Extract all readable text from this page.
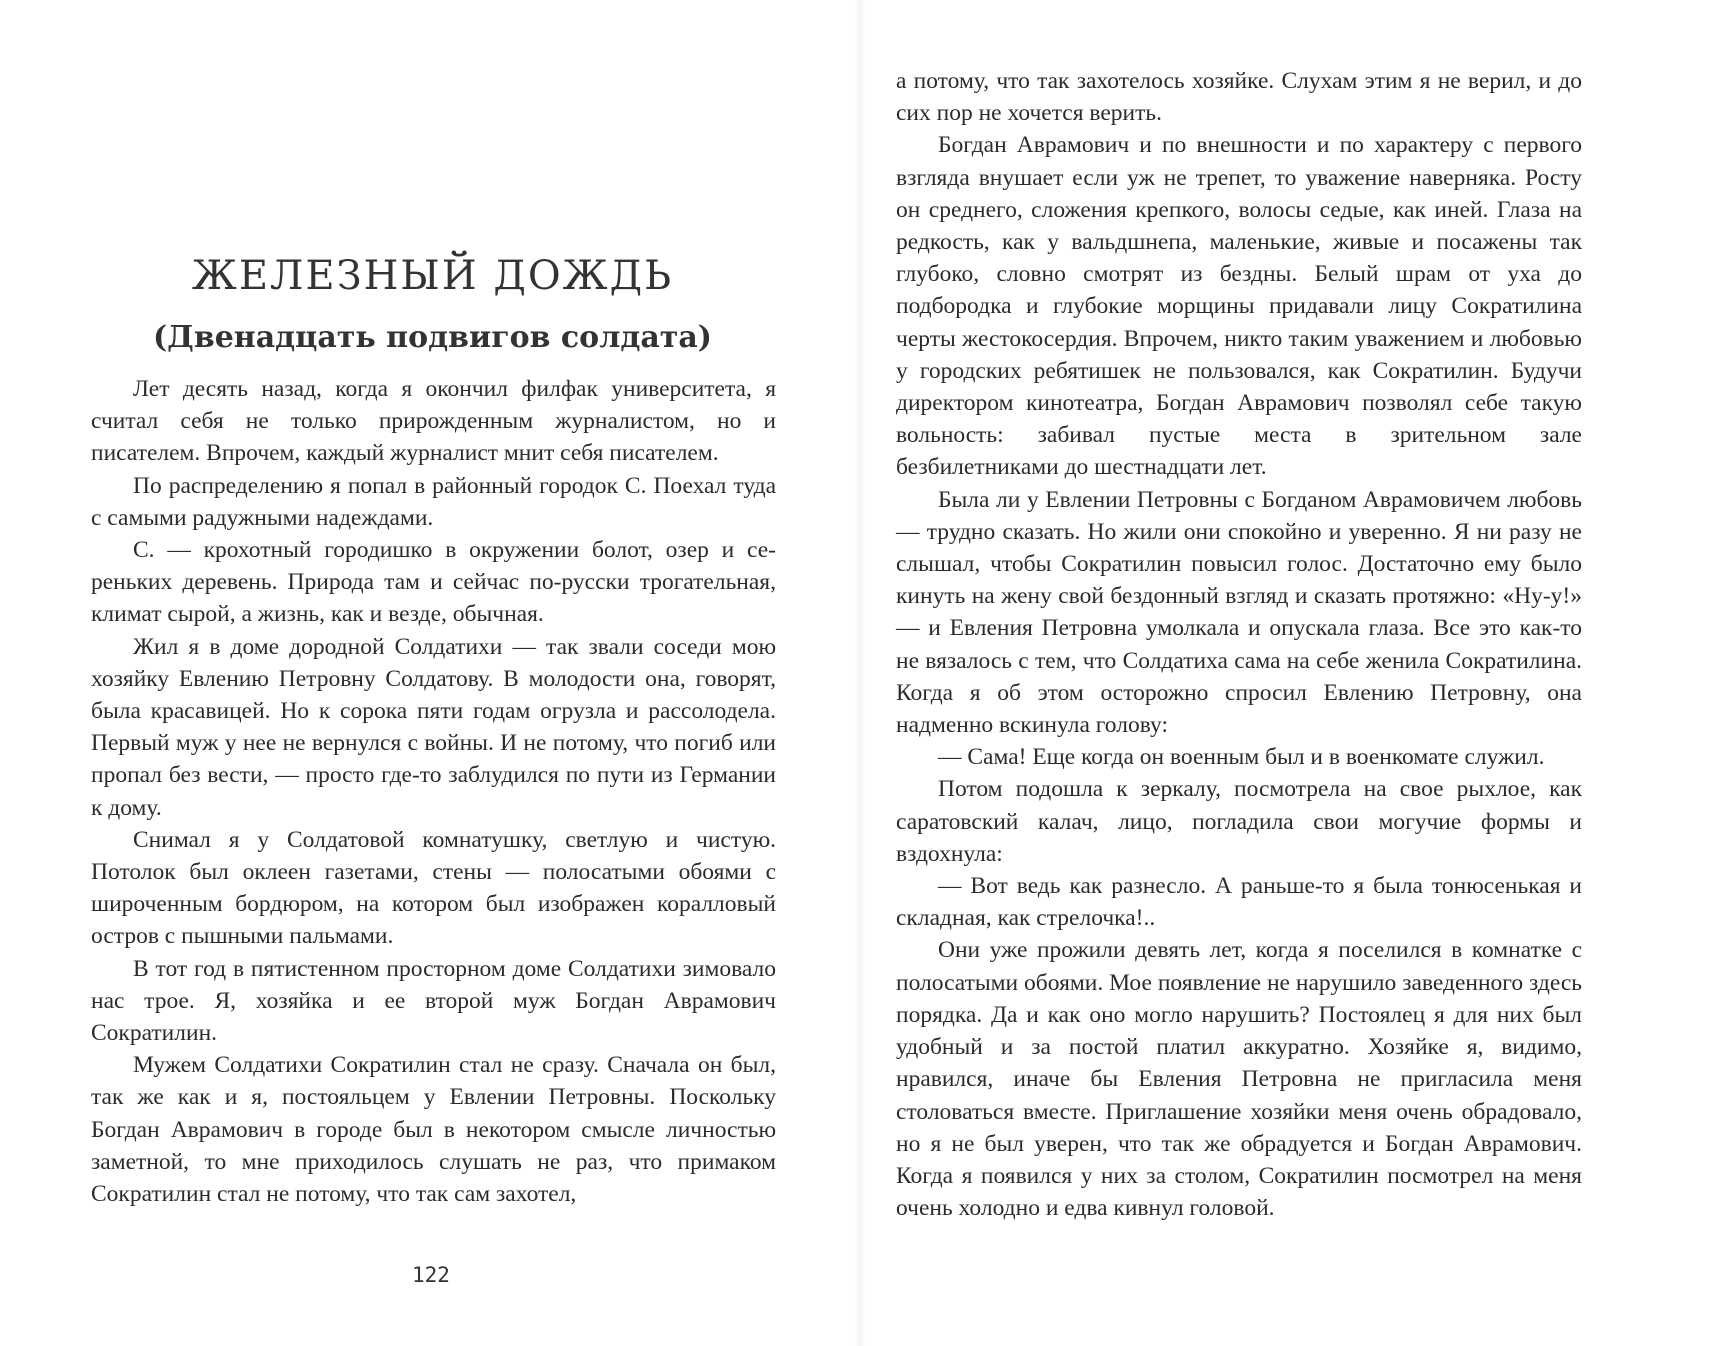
ЖЕЛЕЗНЫЙ ДОЖДЬ
(Двенадцать подвигов солдата)

Лет десять назад, когда я окончил филфак университета, я считал себя не только прирожденным журналистом, но и писателем. Впрочем, каждый журналист мнит себя писателем.

По распределению я попал в районный городок С. Поехал туда с самыми радужными надеждами.

С. — крохотный городишко в окружении болот, озер и сереньких деревень. Природа там и сейчас по-русски трогательная, климат сырой, а жизнь, как и везде, обычная.

Жил я в доме дородной Солдатихи — так звали соседи мою хозяйку Евлению Петровну Солдатову. В молодости она, говорят, была красавицей. Но к сорока пяти годам огрузла и рассолодела. Первый муж у нее не вернулся с войны. И не потому, что погиб или пропал без вести, — просто где-то заблудился по пути из Германии к дому.

Снимал я у Солдатовой комнатушку, светлую и чистую. Потолок был оклеен газетами, стены — полосатыми обоями с широченным бордюром, на котором был изображен коралловый остров с пышными пальмами.

В тот год в пятистенном просторном доме Солдатихи зимовало нас трое. Я, хозяйка и ее второй муж Богдан Аврамович Сократилин.

Мужем Солдатихи Сократилин стал не сразу. Сначала он был, так же как и я, постояльцем у Евлении Петровны. Поскольку Богдан Аврамович в городе был в некотором смысле личностью заметной, то мне приходилось слушать не раз, что примаком Сократилин стал не потому, что так сам захотел,

122

а потому, что так захотелось хозяйке. Слухам этим я не верил, и до сих пор не хочется верить.

Богдан Аврамович и по внешности и по характеру с первого взгляда внушает если уж не трепет, то уважение наверняка. Росту он среднего, сложения крепкого, волосы седые, как иней. Глаза на редкость, как у вальдшнепа, маленькие, живые и посажены так глубоко, словно смотрят из бездны. Белый шрам от уха до подбородка и глубокие морщины придавали лицу Сократилина черты жестокосердия. Впрочем, никто таким уважением и любовью у городских ребятишек не пользовался, как Сократилин. Будучи директором кинотеатра, Богдан Аврамович позволял себе такую вольность: забивал пустые места в зрительном зале безбилетниками до шестнадцати лет.

Была ли у Евлении Петровны с Богданом Аврамовичем любовь — трудно сказать. Но жили они спокойно и уверенно. Я ни разу не слышал, чтобы Сократилин повысил голос. Достаточно ему было кинуть на жену свой бездонный взгляд и сказать протяжно: «Ну-у!» — и Евления Петровна умолкала и опускала глаза. Все это как-то не вязалось с тем, что Солдатиха сама на себе женила Сократилина. Когда я об этом осторожно спросил Евлению Петровну, она надменно вскинула голову:

— Сама! Еще когда он военным был и в военкомате служил.

Потом подошла к зеркалу, посмотрела на свое рыхлое, как саратовский калач, лицо, погладила свои могучие формы и вздохнула:

— Вот ведь как разнесло. А раньше-то я была тонюсенькая и складная, как стрелочка!..

Они уже прожили девять лет, когда я поселился в комнатке с полосатыми обоями. Мое появление не нарушило заведенного здесь порядка. Да и как оно могло нарушить? Постоялец я для них был удобный и за постой платил аккуратно. Хозяйке я, видимо, нравился, иначе бы Евления Петровна не пригласила меня столоваться вместе. Приглашение хозяйки меня очень обрадовало, но я не был уверен, что так же обрадуется и Богдан Аврамович. Когда я появился у них за столом, Сократилин посмотрел на меня очень холодно и едва кивнул головой.
